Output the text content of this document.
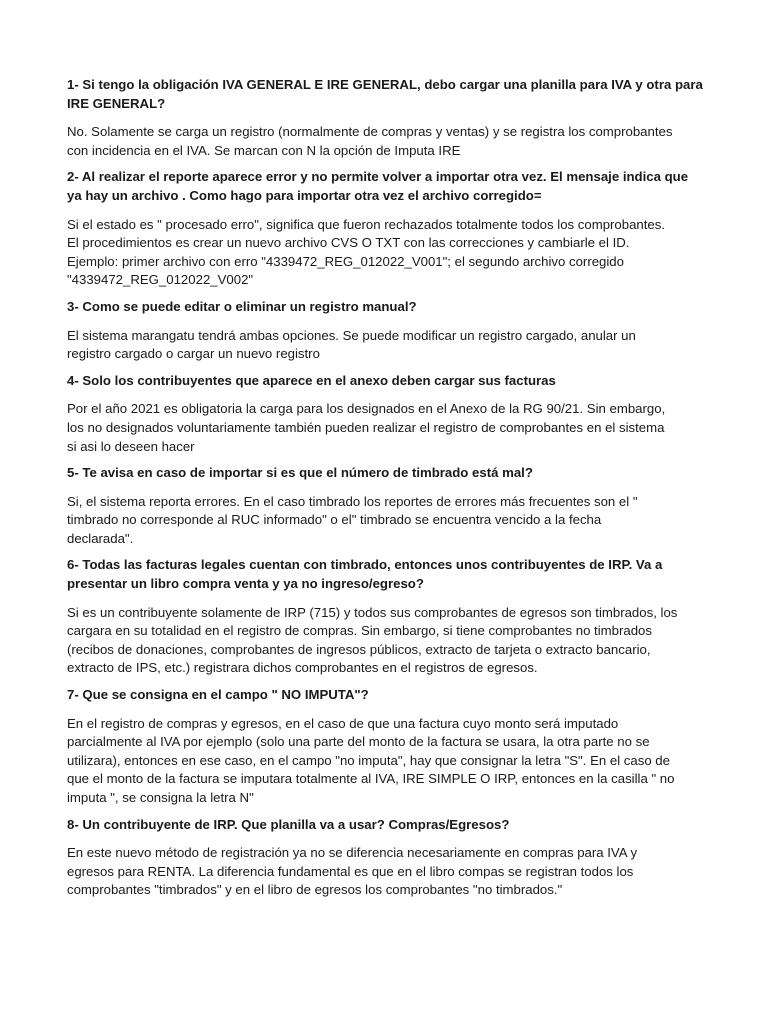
1- Si tengo la obligación IVA GENERAL E IRE GENERAL, debo cargar una planilla para IVA y otra para
IRE GENERAL?

No. Solamente se carga un registro (normalmente de compras y ventas) y se registra los comprobantes
con incidencia en el IVA. Se marcan con N la opción de Imputa IRE

2- Al realizar el reporte aparece error y no permite volver a importar otra vez. El mensaje indica que
ya hay un archivo . Como hago para importar otra vez el archivo corregido=

Si el estado es " procesado erro", significa que fueron rechazados totalmente todos los comprobantes.
El procedimientos es crear un nuevo archivo CVS O TXT con las correcciones y cambiarle el ID.
Ejemplo: primer archivo con erro "4339472_REG_012022_V001"; el segundo archivo corregido
"4339472_REG_012022_V002"

3- Como se puede editar o eliminar un registro manual?

El sistema marangatu tendrá ambas opciones. Se puede modificar un registro cargado, anular un
registro cargado o cargar un nuevo registro

4- Solo los contribuyentes que aparece en el anexo deben cargar sus facturas

Por el año 2021 es obligatoria la carga para los designados en el Anexo de la RG 90/21. Sin embargo,
los no designados voluntariamente también pueden realizar el registro de comprobantes en el sistema
si asi lo deseen hacer

5- Te avisa en caso de importar si es que el número de timbrado está mal?

Si, el sistema reporta errores. En el caso timbrado los reportes de errores más frecuentes son el "
timbrado no corresponde al RUC informado" o el" timbrado se encuentra vencido a la fecha
declarada".

6- Todas las facturas legales cuentan con timbrado, entonces unos contribuyentes de IRP. Va a
presentar un libro compra venta y ya no ingreso/egreso?

Si es un contribuyente solamente de IRP (715) y todos sus comprobantes de egresos son timbrados, los
cargara en su totalidad en el registro de compras. Sin embargo, si tiene comprobantes no timbrados
(recibos de donaciones, comprobantes de ingresos públicos, extracto de tarjeta o extracto bancario,
extracto de IPS, etc.) registrara dichos comprobantes en el registros de egresos.

7- Que se consigna en el campo " NO IMPUTA"?

En el registro de compras y egresos, en el caso de que una factura cuyo monto será imputado
parcialmente al IVA por ejemplo (solo una parte del monto de la factura se usara, la otra parte no se
utilizara), entonces en ese caso, en el campo "no imputa", hay que consignar la letra "S". En el caso de
que el monto de la factura se imputara totalmente al IVA, IRE SIMPLE O IRP, entonces en la casilla " no
imputa ", se consigna la letra N"

8- Un contribuyente de IRP. Que planilla va a usar? Compras/Egresos?

En este nuevo método de registración ya no se diferencia necesariamente en compras para IVA y
egresos para RENTA. La diferencia fundamental es que en el libro compas se registran todos los
comprobantes "timbrados" y en el libro de egresos los comprobantes "no timbrados."
